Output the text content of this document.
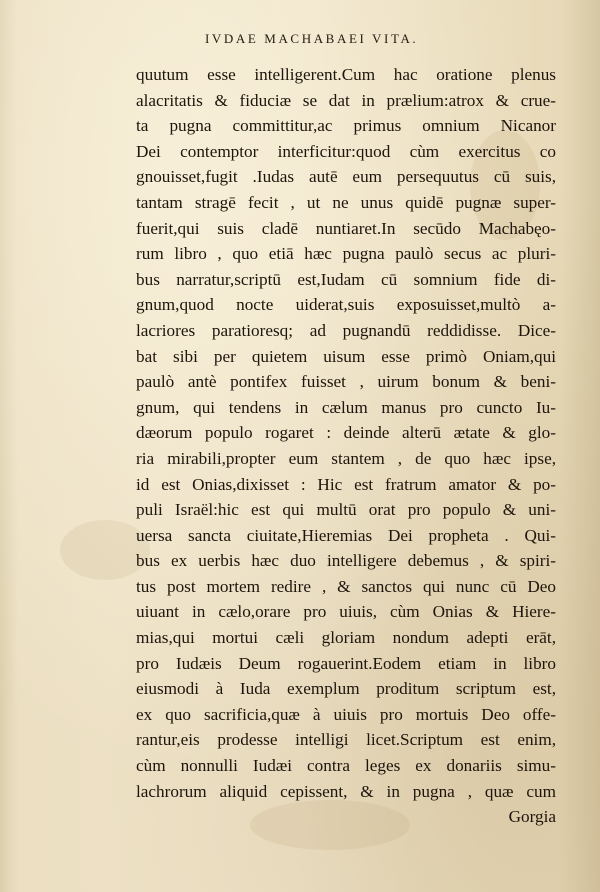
IVDAE MACHABAEI VITA.
quutum esse intelligerent.Cum hac oratione plenus
alacritatis & fiduciæ se dat in prælium:atrox & crue-
ta pugna committitur,ac primus omnium Nicanor
Dei contemptor interficitur:quod cùm exercitus co
gnouisset,fugit .Iudas autē eum persequutus cū suis,
tantam stragē fecit , ut ne unus quidē pugnæ super-
fuerit,qui suis cladē nuntiaret.In secūdo Machabęo-
rum libro , quo etiā hæc pugna paulò secus ac pluri-
bus narratur,scriptū est,Iudam cū somnium fide di-
gnum,quod nocte uiderat,suis exposuisset,multò a-
lacriores paratioresq; ad pugnandū reddidisse. Dice-
bat sibi per quietem uisum esse primò Oniam,qui
paulò antè pontifex fuisset , uirum bonum & beni-
gnum, qui tendens in cælum manus pro cuncto Iu-
dæorum populo rogaret : deinde alterū ætate & glo-
ria mirabili,propter eum stantem , de quo hæc ipse,
id est Onias,dixisset : Hic est fratrum amator & po-
puli Israël:hic est qui multū orat pro populo & uni-
uersa sancta ciuitate,Hieremias Dei propheta . Qui-
bus ex uerbis hæc duo intelligere debemus , & spiri-
tus post mortem redire , & sanctos qui nunc cū Deo
uiuant in cælo,orare pro uiuis, cùm Onias & Hiere-
mias,qui mortui cæli gloriam nondum adepti erāt,
pro Iudæis Deum rogauerint.Eodem etiam in libro
eiusmodi à Iuda exemplum proditum scriptum est,
ex quo sacrificia,quæ à uiuis pro mortuis Deo offe-
rantur,eis prodesse intelligi licet.Scriptum est enim,
cùm nonnulli Iudæi contra leges ex donariis simu-
lachrorum aliquid cepissent, & in pugna , quæ cum
Gorgia
